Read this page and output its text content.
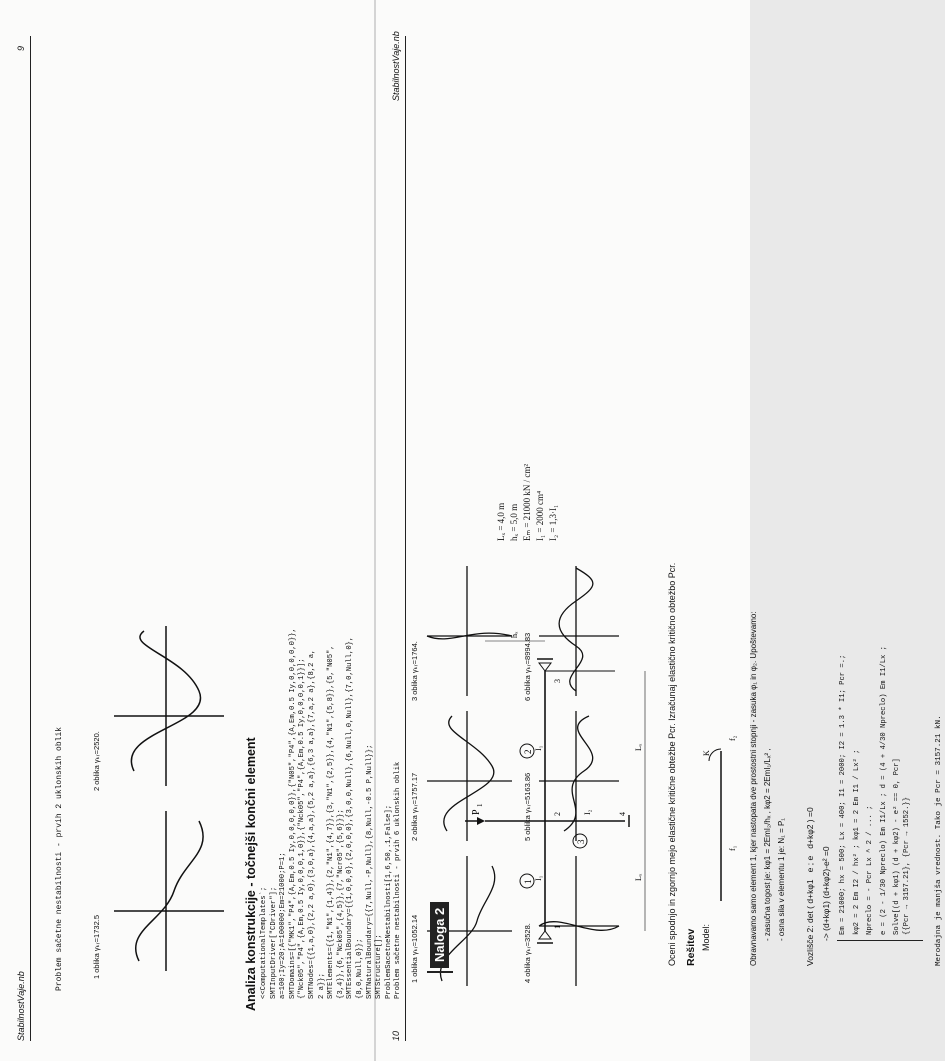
StabilnostVaje.nb
9
Problem sačetne nestabilnosti - prvih 2 uklonskih oblik	1 oblika γₖᵣ=1732.5
2 oblika γₖᵣ=2520.	Analiza konstrukcije - točnejši končni element <<ComputationalTemplates`; SMTInputDriver["CDriver"]; a=100;Iy=20;A=100000;Em=21000;P=1; SMTDomains=[{"MK1","P4",{A,Em,0.5 Iy,0,0,0,0,0}},{"N05","P4",{A,Em,0.5 Iy,0,0,0,0,0}}, {"Nck05","P4",{A,Em,0.5 Iy,0,0,0,1,0}},{"Nck05","P4",{A,Em,0.5 Iy,0,0,0,0,1}}]; SMTNodes={{1,a,0},{2,2 a,0},{3,0,a},{4,a,a},{5,2 a,a},{6,3 a,a},{7,a,2 a},{8,2 a, 2 a}}; SMTElements={{1,"N1",{1,4}},{2,"N1",{4,7}},{3,"N1",{2,5}},{4,"N1",{5,8}},{5,"N05", {3,4}},{6,"Nck05",{4,5}},{7,"Ncr05",{5,6}}}; SMTEssentialBoundary={{1,0,0,0},{2,0,0,0},{3,0,0,Null},{6,Null,0,Null},{7,0,Null,0}, {8,0,Null,0}}; SMTNaturalBoundary={{7,Null,-P,Null},{8,Null,-0.5 P,Null}}; SMTStructure[]; ProblemSacetneNestabilnosti[1,6,50,.1,False]; Problem sačetne nestabilnosti - prvih 6 uklonskih oblik 1 oblika γₖᵣ=1052.14
2 oblika γₖᵣ=1757.17
3 oblika γₖᵣ=1764.
4 oblika γₖᵣ=3528.
5 oblika γₖᵣ=5163.86
6 oblika γₖᵣ=8994.83
10
StabilnostVaje.nb
Naloga 2
1
2
3
1
2
3
4
P
1
I₁
I₁
I₂
hₓ
Lₓ
Lₓ
Lₓ = 4,0 m hₓ = 5,0 m Eₘ = 21000 kN / cm² I₁ = 2000 cm⁴ I₂ = 1,3·I₁
Oceni spodnjo in zgornjo mejo elastične kritične obtežbe Pcr. Izračunaj elastično kritično obtežbo Pcr. Rešitev Model:
K
f₁
f₂ Obravnavamo samo element 1, kjer nastopata dve prostostni stopnji - zasuka φ₁ in φ₂. Upoštevamo: - zasučna togost je: kφ1 = 2EmI₂/hₓ , kφ2 = 2EmI₁/Lₓ² , - osna sila v elementu 1 je: N₁ = P₁ Vozlišče 2: det ( d+kφ1   e ; e   d+kφ2 ) =0
-> (d+kφ1) (d+kφ2)-e² =0 Em = 21000; hx = 500; Lx = 400; I1 = 2000; I2 = 1.3 * I1; Pcr =.; kφ2 = 2 Em I2 / hx² ; kφ1 = 2 Em I1 / Lx² ; Npreclo = - Pcr Lx ^ 2 / ... ; e = (2 - 1/30 Npreclo) Em I1/Lx ; d = (4 + 4/30 Npreclo) Em I1/Lx ; Solve[(d + kφ1) (d + kφ2) - e² == 0, Pcr] {{Pcr → 3157.21}, {Pcr → 1552.}}	Merodajna je manjša vrednost. Tako je Pcr = 3157.21 kN.
